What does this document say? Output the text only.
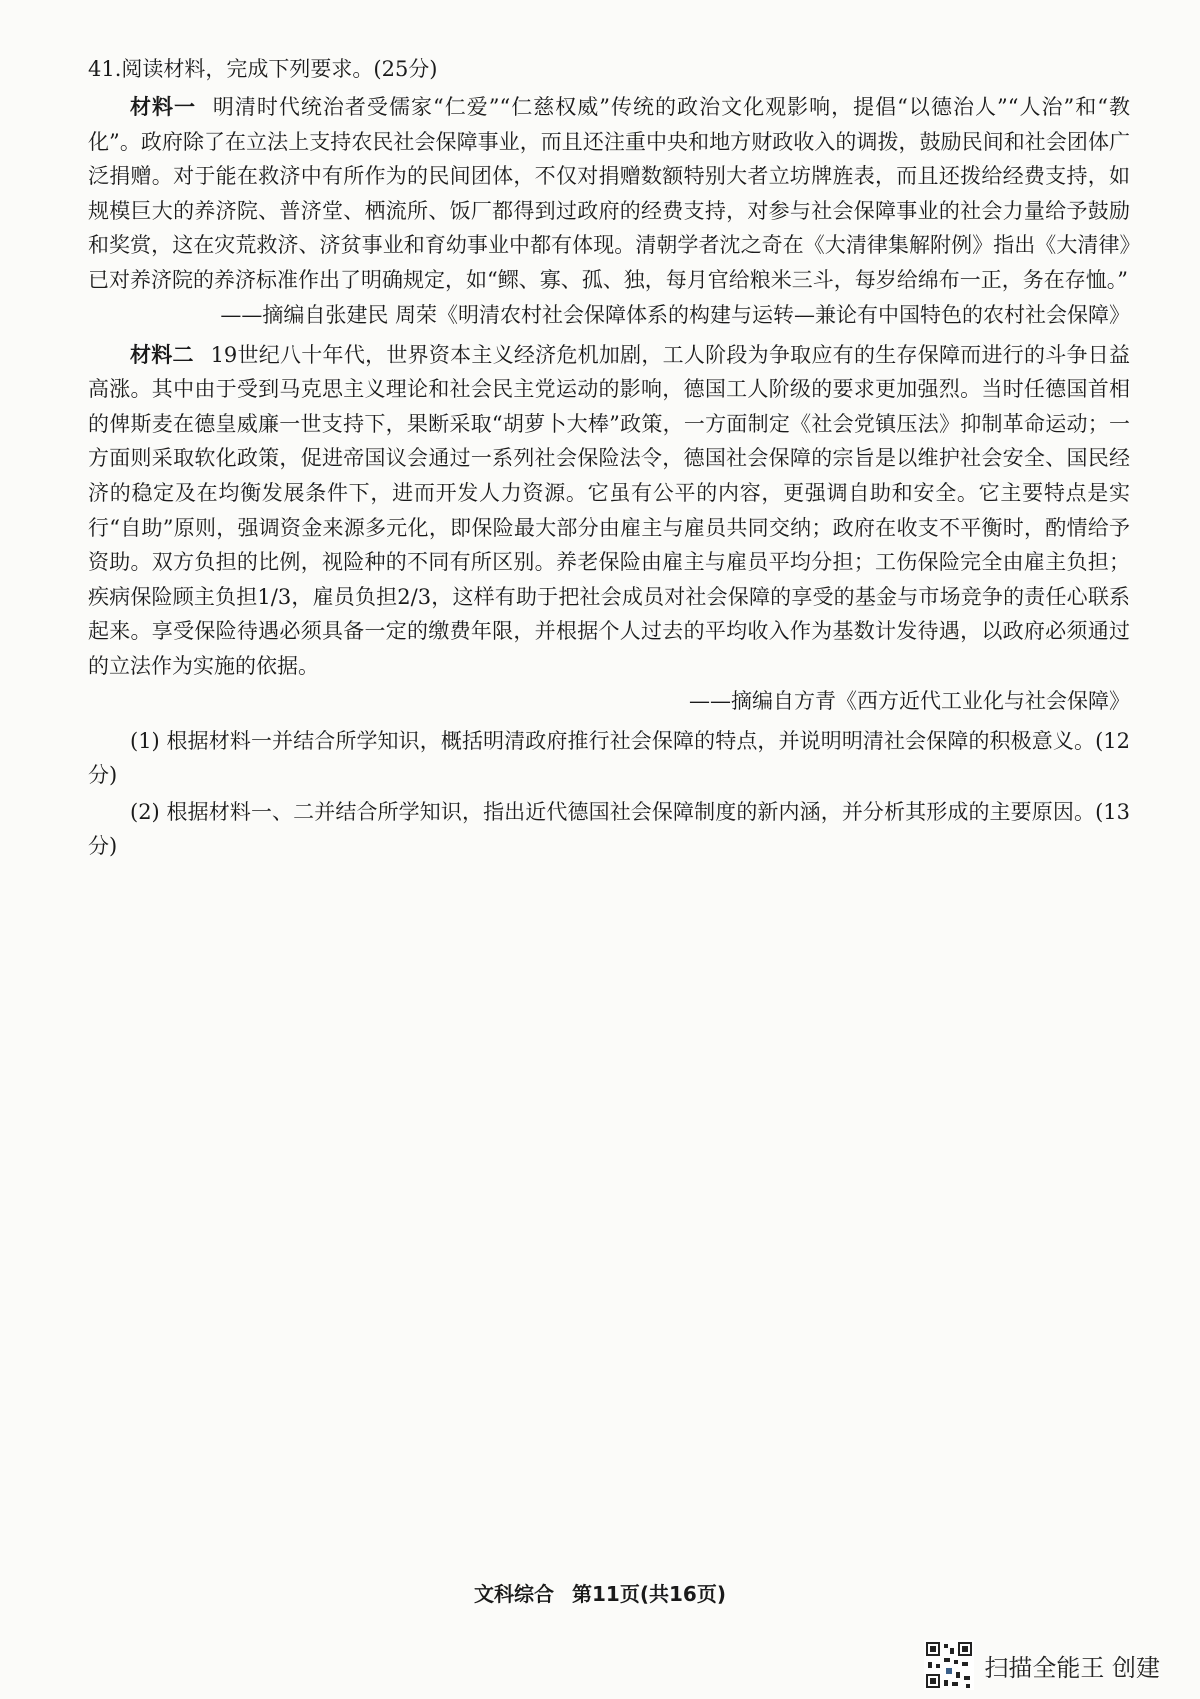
41.阅读材料，完成下列要求。(25分)

材料一 明清时代统治者受儒家“仁爱”“仁慈权威”传统的政治文化观影响，提倡“以德治人”“人治”和“教化”。政府除了在立法上支持农民社会保障事业，而且还注重中央和地方财政收入的调拨，鼓励民间和社会团体广泛捐赠。对于能在救济中有所作为的民间团体，不仅对捐赠数额特别大者立坊牌旌表，而且还拨给经费支持，如规模巨大的养济院、普济堂、栖流所、饭厂都得到过政府的经费支持，对参与社会保障事业的社会力量给予鼓励和奖赏，这在灾荒救济、济贫事业和育幼事业中都有体现。清朝学者沈之奇在《大清律集解附例》指出《大清律》已对养济院的养济标准作出了明确规定，如“鳏、寡、孤、独，每月官给粮米三斗，每岁给绵布一正，务在存恤。”

——摘编自张建民 周荣《明清农村社会保障体系的构建与运转—兼论有中国特色的农村社会保障》

材料二 19世纪八十年代，世界资本主义经济危机加剧，工人阶段为争取应有的生存保障而进行的斗争日益高涨。其中由于受到马克思主义理论和社会民主党运动的影响，德国工人阶级的要求更加强烈。当时任德国首相的俾斯麦在德皇威廉一世支持下，果断采取“胡萝卜大棒”政策，一方面制定《社会党镇压法》抑制革命运动；一方面则采取软化政策，促进帝国议会通过一系列社会保险法令，德国社会保障的宗旨是以维护社会安全、国民经济的稳定及在均衡发展条件下，进而开发人力资源。它虽有公平的内容，更强调自助和安全。它主要特点是实行“自助”原则，强调资金来源多元化，即保险最大部分由雇主与雇员共同交纳；政府在收支不平衡时，酌情给予资助。双方负担的比例，视险种的不同有所区别。养老保险由雇主与雇员平均分担；工伤保险完全由雇主负担；疾病保险顾主负担1/3，雇员负担2/3，这样有助于把社会成员对社会保障的享受的基金与市场竞争的责任心联系起来。享受保险待遇必须具备一定的缴费年限，并根据个人过去的平均收入作为基数计发待遇，以政府必须通过的立法作为实施的依据。

——摘编自方青《西方近代工业化与社会保障》

(1) 根据材料一并结合所学知识，概括明清政府推行社会保障的特点，并说明明清社会保障的积极意义。(12分)

(2) 根据材料一、二并结合所学知识，指出近代德国社会保障制度的新内涵，并分析其形成的主要原因。(13分)

文科综合 第11页(共16页)
扫描全能王 创建
